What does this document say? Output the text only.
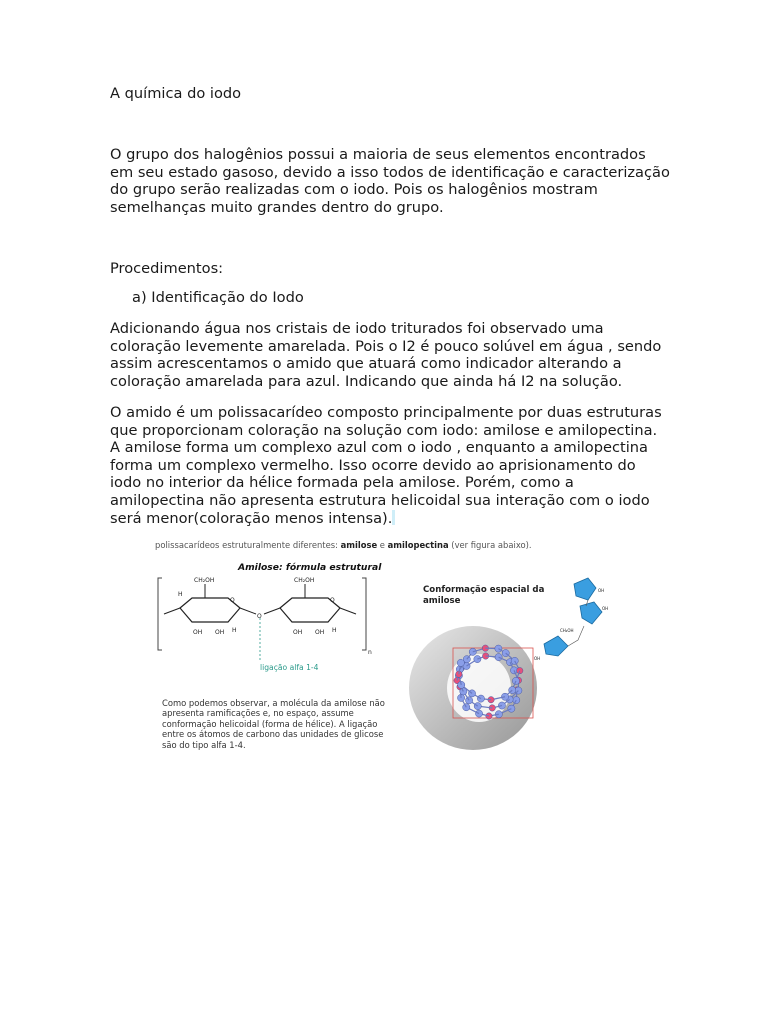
A química do iodo

O grupo dos halogênios possui a maioria de seus elementos encontrados em seu estado gasoso, devido a isso todos de identificação e caracterização do grupo serão realizadas com o iodo. Pois os halogênios mostram semelhanças muito grandes dentro do grupo.

Procedimentos:

a) Identificação do Iodo

Adicionando água nos cristais de iodo triturados foi observado uma coloração levemente amarelada. Pois o I2 é pouco solúvel em água , sendo assim acrescentamos o amido que atuará como indicador alterando a coloração amarelada para azul. Indicando que ainda há I2 na solução.

O amido é um polissacarídeo composto principalmente por duas estruturas que proporcionam coloração na solução com iodo: amilose e amilopectina. A amilose forma um complexo azul com o iodo , enquanto a amilopectina forma um complexo vermelho. Isso ocorre devido ao aprisionamento do iodo no interior da hélice formada pela amilose. Porém, como a amilopectina não apresenta estrutura helicoidal sua interação com o iodo será menor(coloração menos intensa).

polissacarídeos estruturalmente diferentes: amilose e amilopectina (ver figura abaixo).
Amilose: fórmula estrutural
CH₂OH	CH₂OH
O	O
O
H
OH OH H	OH OH H
n
ligação alfa 1-4
Como podemos observar, a molécula da amilose não apresenta ramificações e, no espaço, assume conformação helicoidal (forma de hélice). A ligação entre os átomos de carbono das unidades de glicose são do tipo alfa 1-4.
Conformação espacial da amilose
OH
OH
CH₂OH
OH
